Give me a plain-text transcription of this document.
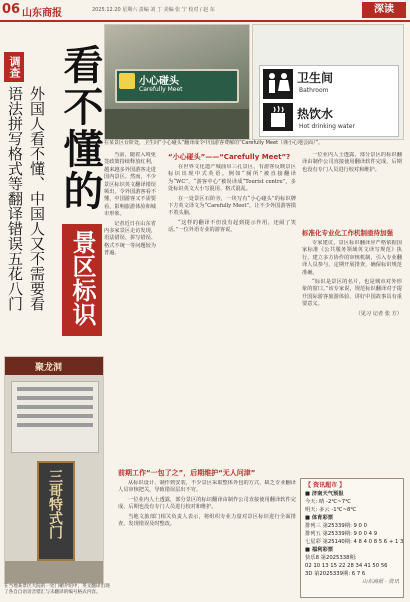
06 山东商报	2025.12.20 星期六 责编 刘 丁 美编 张 宁 校对 / 赵 东	深读
小心碰头
Carefully Meet
在某景区台阶处，卫生间“小心碰头”翻译成令中国游客费解的“Carefully Meet（谨小心地会面）”。
卫生间
Bathroom
热饮水
Hot drinking water
调查 看不懂的
景区标识
外国人看不懂、中国人又不需要看
语法拼写格式等翻译错误五花八门	当前，随着入境免签政策持续释放红利，越来越多外国游客走进国内景区。然而，不少景区标识英文翻译错误频出，令外国游客看不懂，中国游客又不需要看，影响旅游体验和城市形象。

记者近日在山东省内多家景区走访发现，语法错误、拼写错误、格式不统一等问题较为普遍。

“小心碰头”——“Carefully Meet”?

在世界文化遗产城曲阜三孔景区，有游客反映景区标识出现中式英语。例如“厕所”被直接翻译为“WC”，“游客中心”被误译成“Tourist centre”，多处标识英文大小写混用、格式混乱。

在一处景区石阶旁，一块写有“小心碰头”的标识牌下方英文译文为“Carefully Meet”，让不少外国游客摸不着头脑。

“这样的翻译不但没有起到提示作用，还闹了笑话。”一位外语专业的游客说。

前期工作“一包了之”，后期维护“无人问津”

从标识设计、制作到安装，不少景区采取整体外包的方式，缺乏专业翻译人员审核把关，导致错误层出不穷。

一位业内人士透露，部分景区的标识翻译由制作公司直接使用翻译软件完成，后期也没有专门人员进行校对和维护。

当地文旅部门相关负责人表示，将组织专业力量对景区标识进行全面排查，发现错误及时整改。

一位业内人士透露，部分景区的标识翻译由制作公司直接使用翻译软件完成，后期也没有专门人员进行校对和维护。

标准化专业化工作机制亟待加强

专家建议，景区标识翻译应严格依据国家标准《公共服务领域英文译写规范》执行，建立多方协作的审核机制，引入专业翻译人员参与，定期开展排查，确保标识规范准确。

“标识是景区的名片，也是城市对外形象的窗口。”该专家说，规范标识翻译对于提升国际游客旅游体验、讲好中国故事具有重要意义。

（见习 记者 张 方）

聚龙洞
三哥特式门
在当地某景区大院的一处门楣介绍中，英文翻译出现了各自自语语音错汇与未翻译的编号格式内容。
【 资讯超市 】
■ 济南天气预报
今天: 晴 -2℃~7℃
明天: 多云 -1℃~8℃
■ 体育彩票
排列三 第25339期: 9 0 0
排列五 第25339期: 9 0 0 4 9
七星彩 第25140期: 4 8 4 0 8 5 6 + 1 3
■ 福利彩票
快乐8 第2025338期:
02 10 13 15 22 28 34 41 50 56
3D 第2025339期: 6 7 6
山东商报 · 资讯
